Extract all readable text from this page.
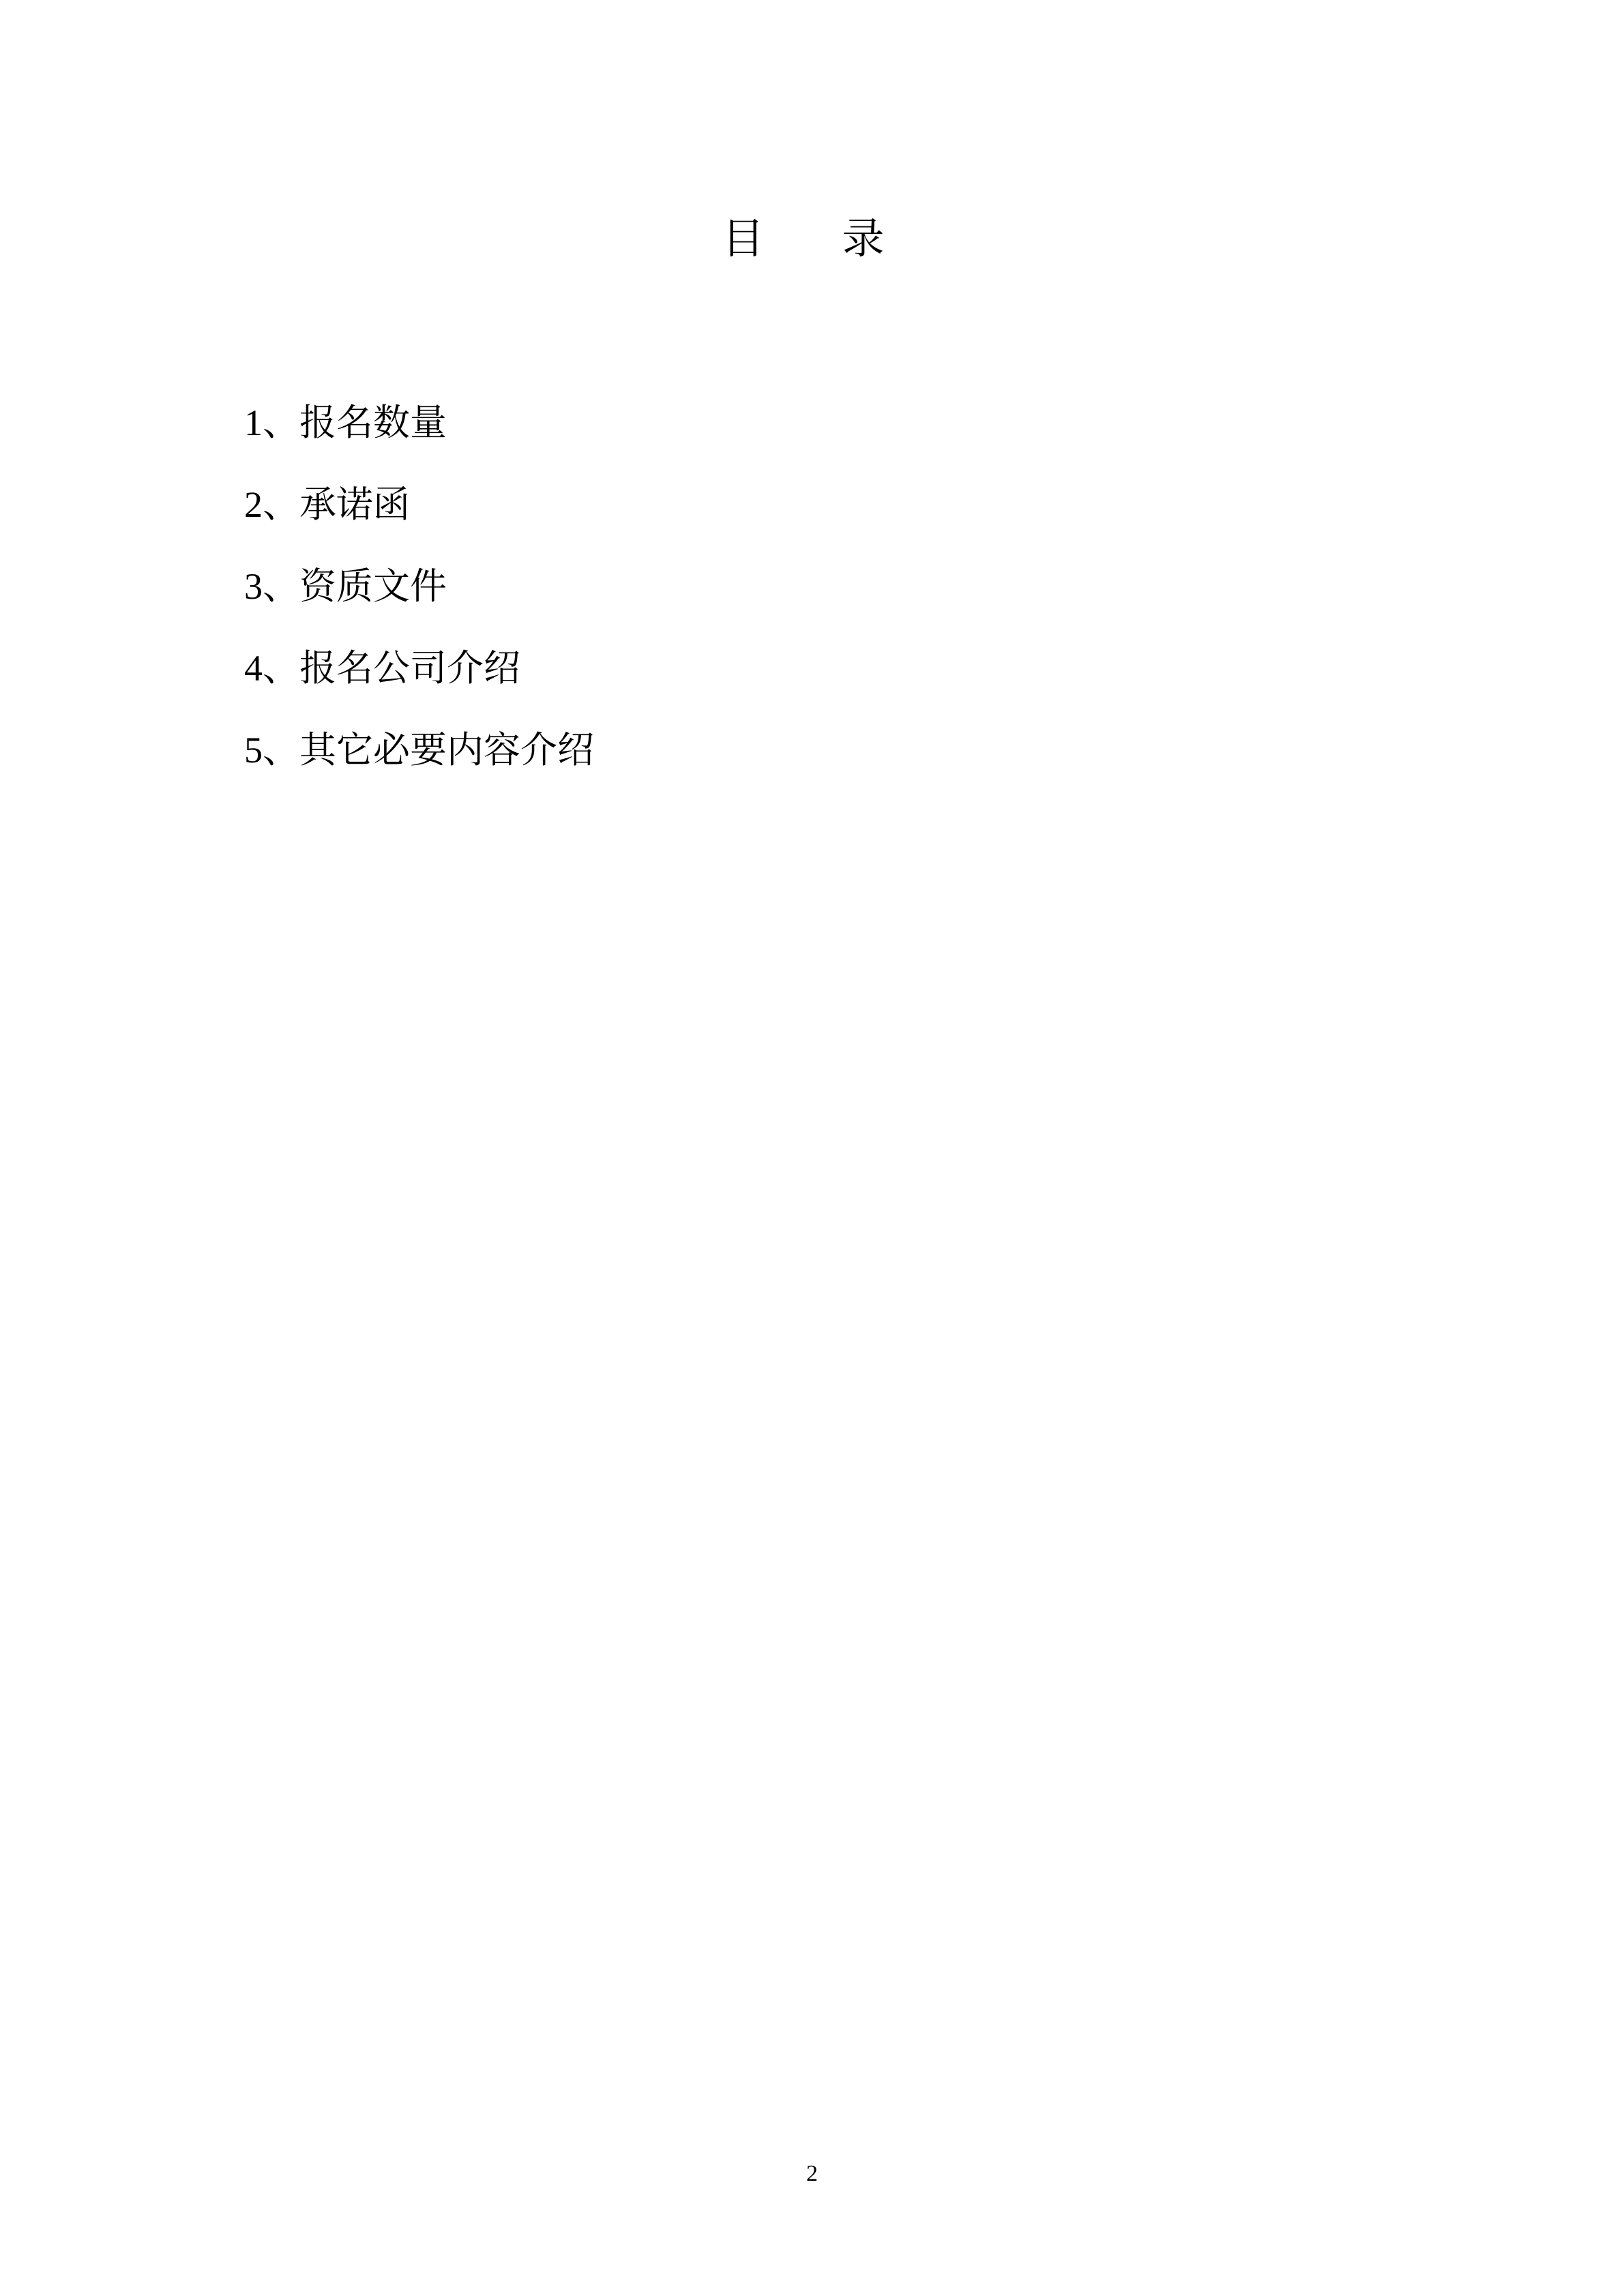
目　录
1、报名数量
2、承诺函
3、资质文件
4、报名公司介绍
5、其它必要内容介绍
2
